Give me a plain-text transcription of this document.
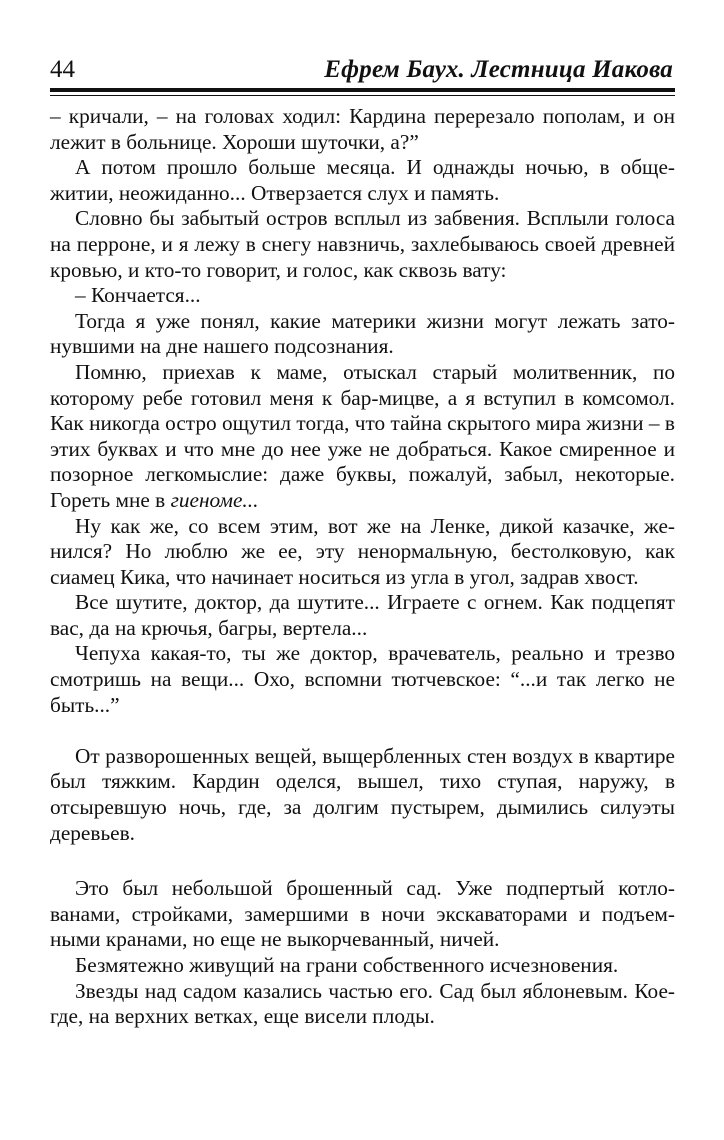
44	Ефрем Баух. Лестница Иакова

– кричали, – на головах ходил: Кардина перерезало пополам, и он лежит в больнице. Хороши шуточки, а?”

А потом прошло больше месяца. И однажды ночью, в общежитии, неожиданно... Отверзается слух и память.

Словно бы забытый остров всплыл из забвения. Всплыли голоса на перроне, и я лежу в снегу навзничь, захлебываюсь своей древней кровью, и кто-то говорит, и голос, как сквозь вату:

– Кончается...

Тогда я уже понял, какие материки жизни могут лежать затонувшими на дне нашего подсознания.

Помню, приехав к маме, отыскал старый молитвенник, по которому ребе готовил меня к бар-мицве, а я вступил в комсомол. Как никогда остро ощутил тогда, что тайна скрытого мира жизни – в этих буквах и что мне до нее уже не добраться. Какое смиренное и позорное легкомыслие: даже буквы, пожалуй, забыл, некоторые. Гореть мне в гиеноме...

Ну как же, со всем этим, вот же на Ленке, дикой казачке, женился? Но люблю же ее, эту ненормальную, бестолковую, как сиамец Кика, что начинает носиться из угла в угол, задрав хвост.

Все шутите, доктор, да шутите... Играете с огнем. Как подцепят вас, да на крючья, багры, вертела...

Чепуха какая-то, ты же доктор, врачеватель, реально и трезво смотришь на вещи... Охо, вспомни тютчевское: “...и так легко не быть...”

От разворошенных вещей, выщербленных стен воздух в квартире был тяжким. Кардин оделся, вышел, тихо ступая, наружу, в отсыревшую ночь, где, за долгим пустырем, дымились силуэты деревьев.

Это был небольшой брошенный сад. Уже подпертый котлованами, стройками, замершими в ночи экскаваторами и подъемными кранами, но еще не выкорчеванный, ничей.

Безмятежно живущий на грани собственного исчезновения.

Звезды над садом казались частью его. Сад был яблоневым. Кое-где, на верхних ветках, еще висели плоды.
